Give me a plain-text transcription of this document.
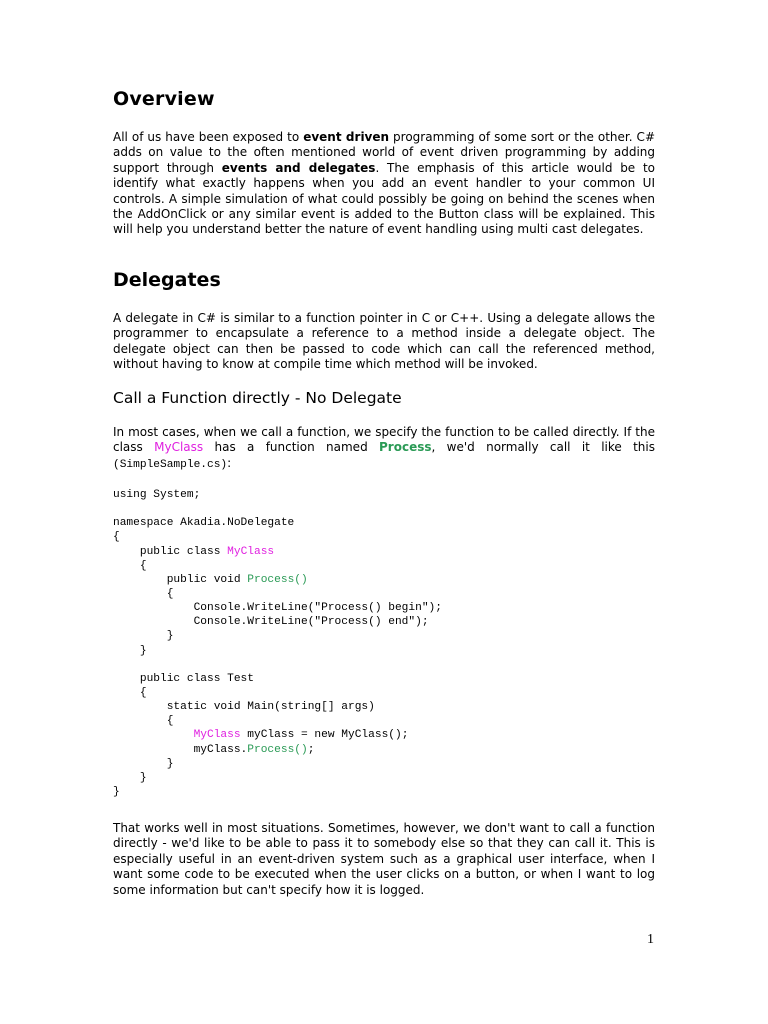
Overview

All of us have been exposed to event driven programming of some sort or the other. C# adds on value to the often mentioned world of event driven programming by adding support through events and delegates. The emphasis of this article would be to identify what exactly happens when you add an event handler to your common UI controls. A simple simulation of what could possibly be going on behind the scenes when the AddOnClick or any similar event is added to the Button class will be explained. This will help you understand better the nature of event handling using multi cast delegates.

Delegates

A delegate in C# is similar to a function pointer in C or C++. Using a delegate allows the programmer to encapsulate a reference to a method inside a delegate object. The delegate object can then be passed to code which can call the referenced method, without having to know at compile time which method will be invoked.

Call a Function directly - No Delegate

In most cases, when we call a function, we specify the function to be called directly. If the class MyClass has a function named Process, we'd normally call it like this (SimpleSample.cs):

using System;
namespace Akadia.NoDelegate
{
public class MyClass
{
public void Process()
{
Console.WriteLine("Process() begin");
Console.WriteLine("Process() end");
}
}
public class Test
{
static void Main(string[] args)
{
MyClass myClass = new MyClass();
myClass.Process();
}
}
}

That works well in most situations. Sometimes, however, we don't want to call a function directly - we'd like to be able to pass it to somebody else so that they can call it. This is especially useful in an event-driven system such as a graphical user interface, when I want some code to be executed when the user clicks on a button, or when I want to log some information but can't specify how it is logged.

1
